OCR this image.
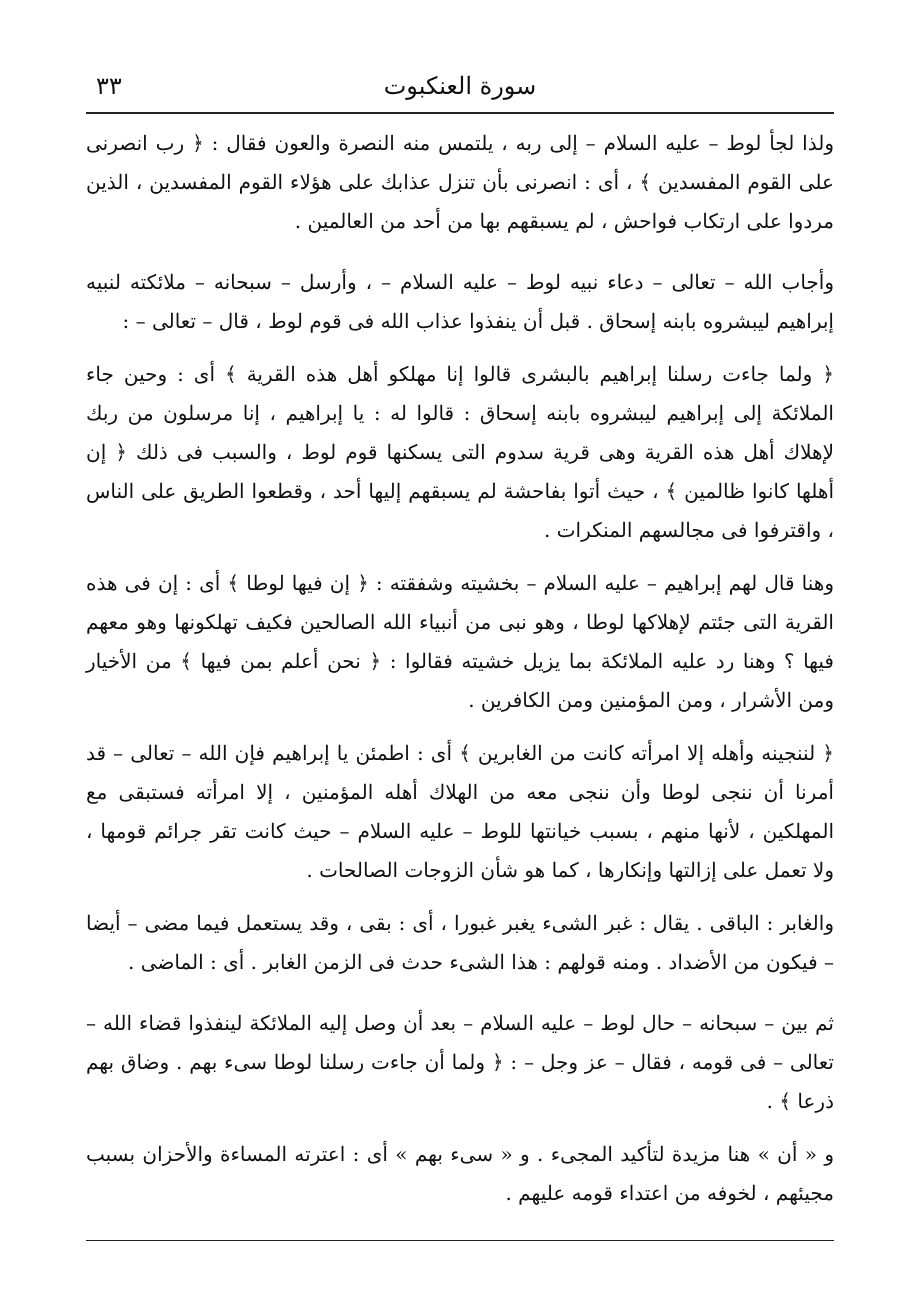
٣٣	سورة العنكبوت

ولذا لجأ لوط – عليه السلام – إلى ربه ، يلتمس منه النصرة والعون فقال : ﴿ رب انصرنى على القوم المفسدين ﴾ ، أى : انصرنى بأن تنزل عذابك على هؤلاء القوم المفسدين ، الذين مردوا على ارتكاب فواحش ، لم يسبقهم بها من أحد من العالمين .

وأجاب الله – تعالى – دعاء نبيه لوط – عليه السلام – ، وأرسل – سبحانه – ملائكته لنبيه إبراهيم ليبشروه بابنه إسحاق . قبل أن ينفذوا عذاب الله فى قوم لوط ، قال – تعالى – :

﴿ ولما جاءت رسلنا إبراهيم بالبشرى قالوا إنا مهلكو أهل هذه القرية ﴾ أى : وحين جاء الملائكة إلى إبراهيم ليبشروه بابنه إسحاق : قالوا له : يا إبراهيم ، إنا مرسلون من ربك لإهلاك أهل هذه القرية وهى قرية سدوم التى يسكنها قوم لوط ، والسبب فى ذلك ﴿ إن أهلها كانوا ظالمين ﴾ ، حيث أتوا بفاحشة لم يسبقهم إليها أحد ، وقطعوا الطريق على الناس ، واقترفوا فى مجالسهم المنكرات .

وهنا قال لهم إبراهيم – عليه السلام – بخشيته وشفقته : ﴿ إن فيها لوطا ﴾ أى : إن فى هذه القرية التى جئتم لإهلاكها لوطا ، وهو نبى من أنبياء الله الصالحين فكيف تهلكونها وهو معهم فيها ؟ وهنا رد عليه الملائكة بما يزيل خشيته فقالوا : ﴿ نحن أعلم بمن فيها ﴾ من الأخيار ومن الأشرار ، ومن المؤمنين ومن الكافرين .

﴿ لننجينه وأهله إلا امرأته كانت من الغابرين ﴾ أى : اطمئن يا إبراهيم فإن الله – تعالى – قد أمرنا أن ننجى لوطا وأن ننجى معه من الهلاك أهله المؤمنين ، إلا امرأته فستبقى مع المهلكين ، لأنها منهم ، بسبب خيانتها للوط – عليه السلام – حيث كانت تقر جرائم قومها ، ولا تعمل على إزالتها وإنكارها ، كما هو شأن الزوجات الصالحات .

والغابر : الباقى . يقال : غبر الشىء يغبر غبورا ، أى : بقى ، وقد يستعمل فيما مضى – أيضا – فيكون من الأضداد . ومنه قولهم : هذا الشىء حدث فى الزمن الغابر . أى : الماضى .

ثم بين – سبحانه – حال لوط – عليه السلام – بعد أن وصل إليه الملائكة لينفذوا قضاء الله – تعالى – فى قومه ، فقال – عز وجل – : ﴿ ولما أن جاءت رسلنا لوطا سىء بهم . وضاق بهم ذرعا ﴾ .

و « أن » هنا مزيدة لتأكيد المجىء . و « سىء بهم » أى : اعترته المساءة والأحزان بسبب مجيئهم ، لخوفه من اعتداء قومه عليهم .
